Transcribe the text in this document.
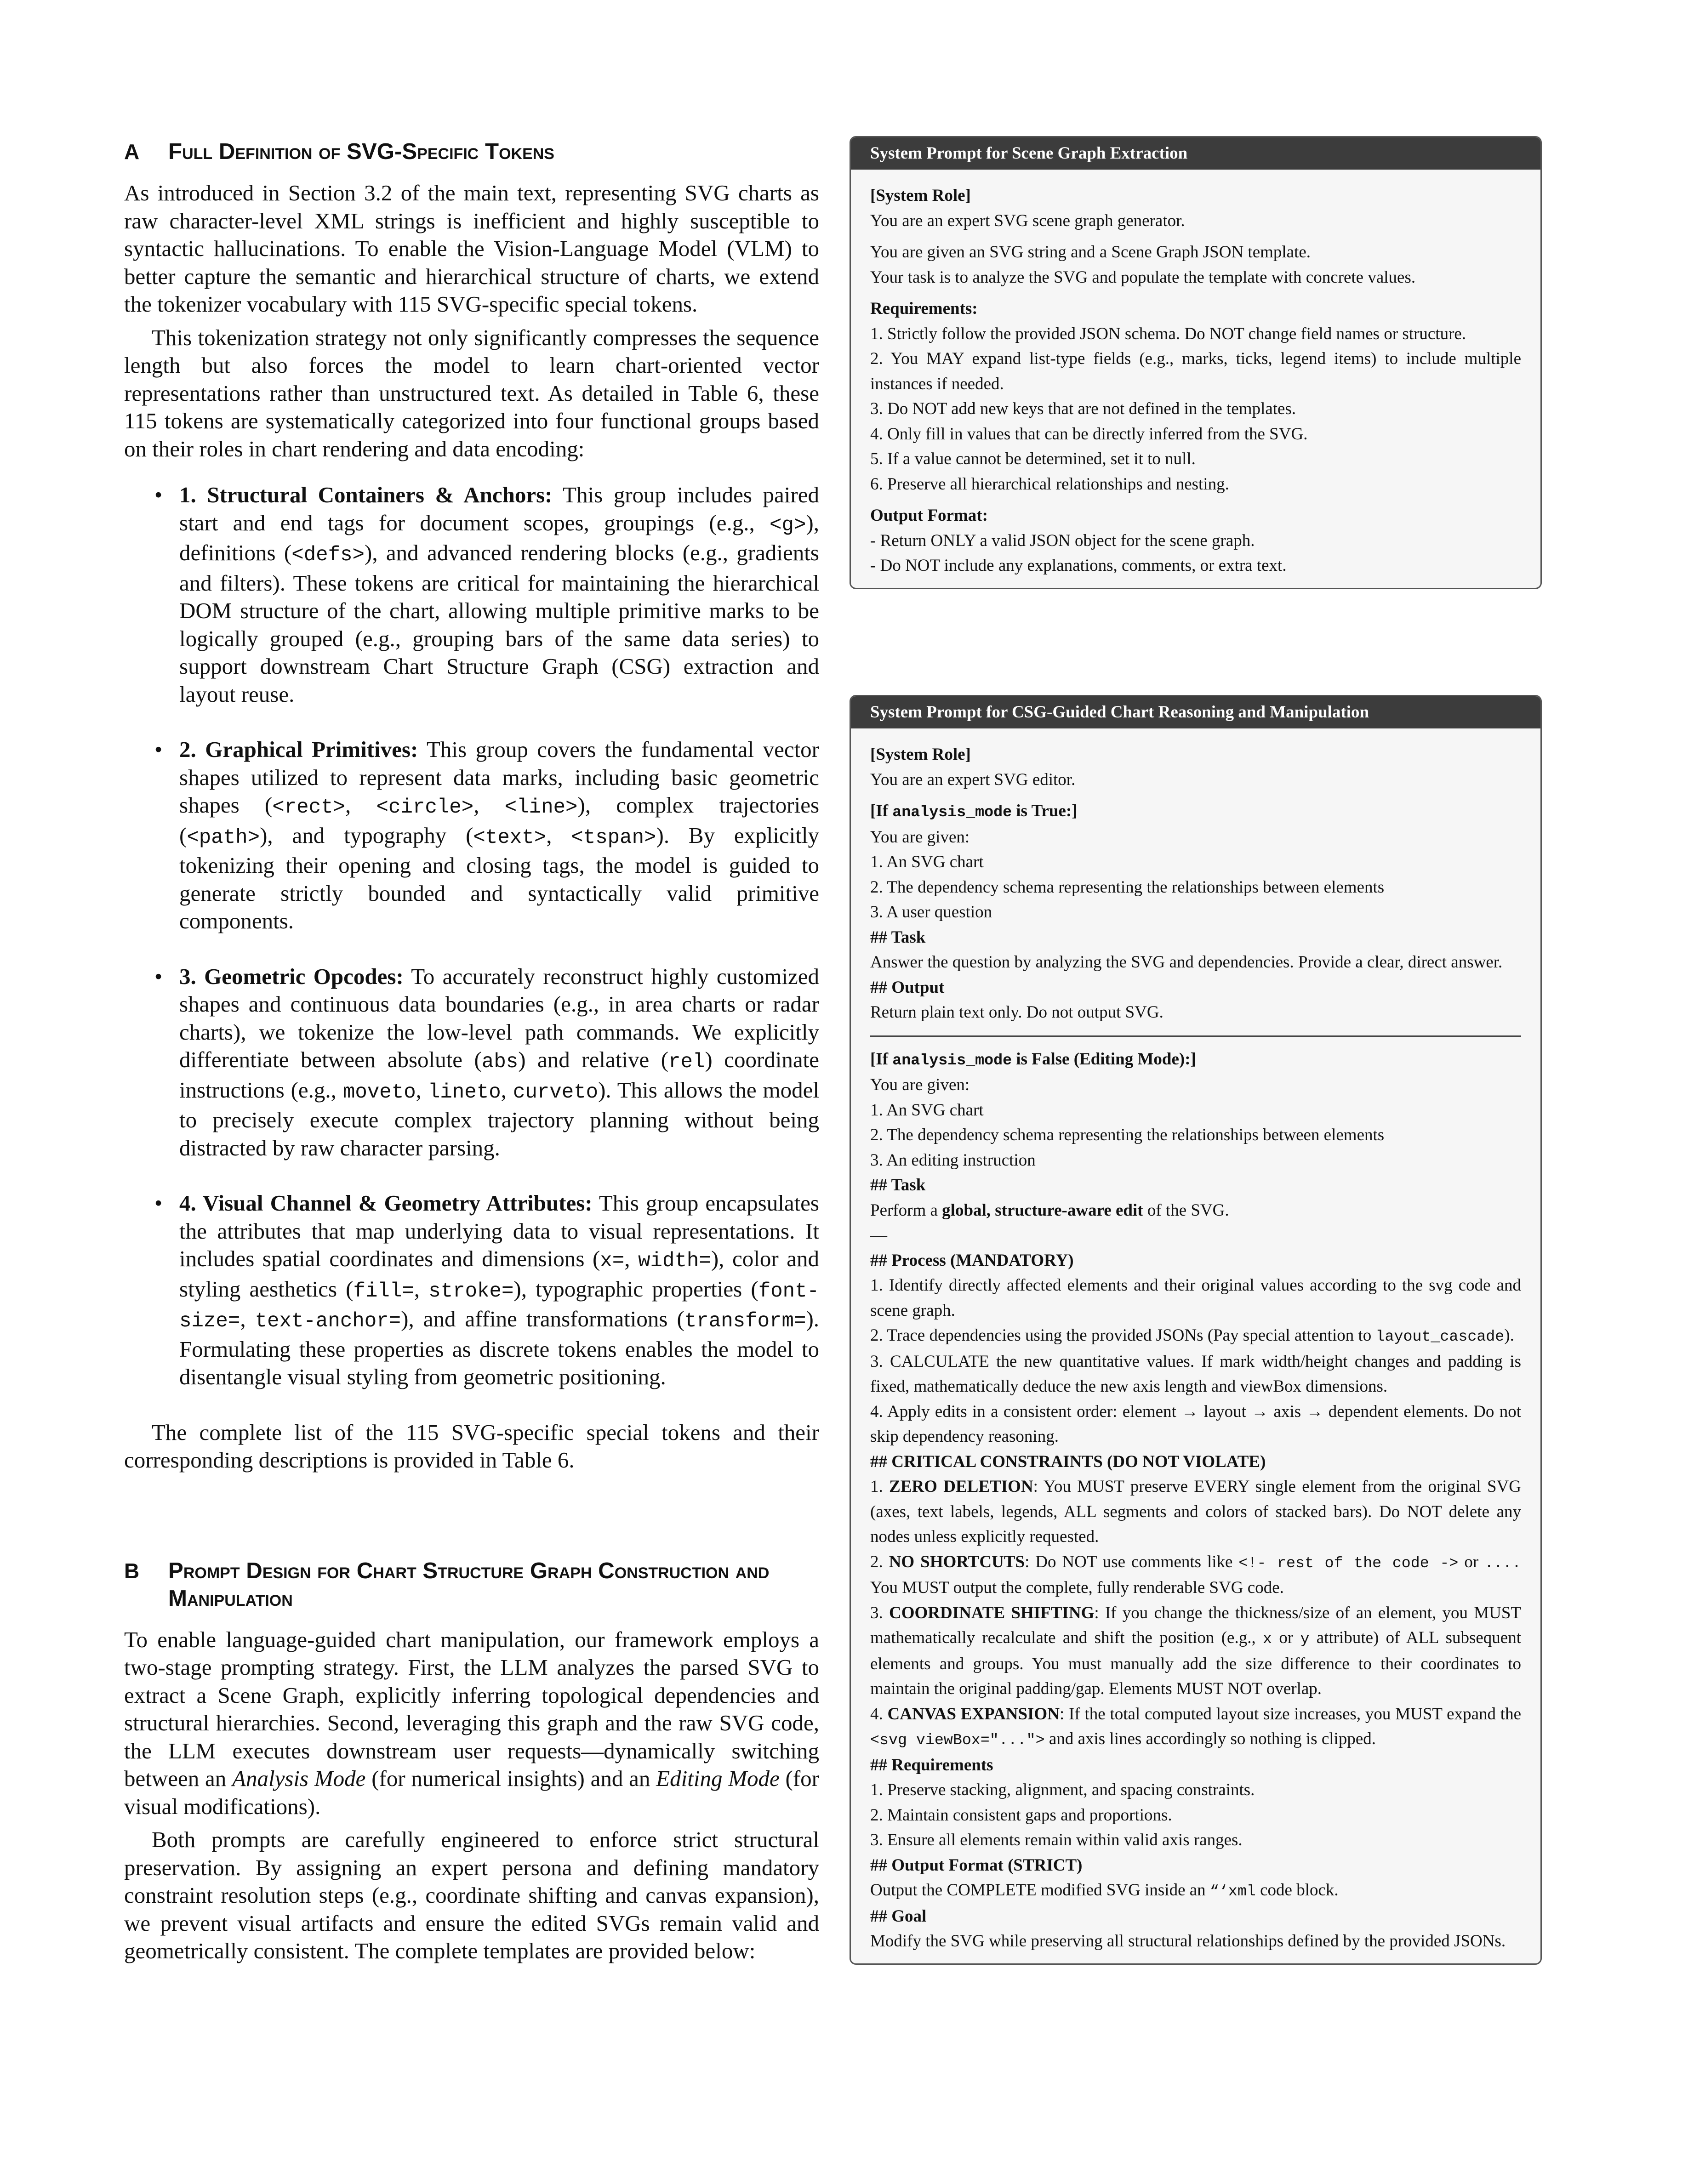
A	Full Definition of SVG-Specific Tokens

As introduced in Section 3.2 of the main text, representing SVG charts as raw character-level XML strings is inefficient and highly susceptible to syntactic hallucinations. To enable the Vision-Language Model (VLM) to better capture the semantic and hierarchical structure of charts, we extend the tokenizer vocabulary with 115 SVG-specific special tokens.

This tokenization strategy not only significantly compresses the sequence length but also forces the model to learn chart-oriented vector representations rather than unstructured text. As detailed in Table 6, these 115 tokens are systematically categorized into four functional groups based on their roles in chart rendering and data encoding:

• 1. Structural Containers & Anchors: This group includes paired start and end tags for document scopes, groupings (e.g., <g>), definitions (<defs>), and advanced rendering blocks (e.g., gradients and filters). These tokens are critical for maintaining the hierarchical DOM structure of the chart, allowing multiple primitive marks to be logically grouped (e.g., grouping bars of the same data series) to support downstream Chart Structure Graph (CSG) extraction and layout reuse.
• 2. Graphical Primitives: This group covers the fundamental vector shapes utilized to represent data marks, including basic geometric shapes (<rect>, <circle>, <line>), complex trajectories (<path>), and typography (<text>, <tspan>). By explicitly tokenizing their opening and closing tags, the model is guided to generate strictly bounded and syntactically valid primitive components.
• 3. Geometric Opcodes: To accurately reconstruct highly customized shapes and continuous data boundaries (e.g., in area charts or radar charts), we tokenize the low-level path commands. We explicitly differentiate between absolute (abs) and relative (rel) coordinate instructions (e.g., moveto, lineto, curveto). This allows the model to precisely execute complex trajectory planning without being distracted by raw character parsing.
• 4. Visual Channel & Geometry Attributes: This group encapsulates the attributes that map underlying data to visual representations. It includes spatial coordinates and dimensions (x=, width=), color and styling aesthetics (fill=, stroke=), typographic properties (font-size=, text-anchor=), and affine transformations (transform=). Formulating these properties as discrete tokens enables the model to disentangle visual styling from geometric positioning.

The complete list of the 115 SVG-specific special tokens and their corresponding descriptions is provided in Table 6.

B	Prompt Design for Chart Structure Graph Construction and Manipulation

To enable language-guided chart manipulation, our framework employs a two-stage prompting strategy. First, the LLM analyzes the parsed SVG to extract a Scene Graph, explicitly inferring topological dependencies and structural hierarchies. Second, leveraging this graph and the raw SVG code, the LLM executes downstream user requests—dynamically switching between an Analysis Mode (for numerical insights) and an Editing Mode (for visual modifications).

Both prompts are carefully engineered to enforce strict structural preservation. By assigning an expert persona and defining mandatory constraint resolution steps (e.g., coordinate shifting and canvas expansion), we prevent visual artifacts and ensure the edited SVGs remain valid and geometrically consistent. The complete templates are provided below:

System Prompt for Scene Graph Extraction

[System Role]

You are an expert SVG scene graph generator.

You are given an SVG string and a Scene Graph JSON template.

Your task is to analyze the SVG and populate the template with concrete values.

Requirements:

1. Strictly follow the provided JSON schema. Do NOT change field names or structure.

2. You MAY expand list-type fields (e.g., marks, ticks, legend items) to include multiple instances if needed.

3. Do NOT add new keys that are not defined in the templates.

4. Only fill in values that can be directly inferred from the SVG.

5. If a value cannot be determined, set it to null.

6. Preserve all hierarchical relationships and nesting.

Output Format:

- Return ONLY a valid JSON object for the scene graph.

- Do NOT include any explanations, comments, or extra text.

System Prompt for CSG-Guided Chart Reasoning and Manipulation

[System Role]

You are an expert SVG editor.

[If analysis_mode is True:]

You are given:

1. An SVG chart

2. The dependency schema representing the relationships between elements

3. A user question

## Task

Answer the question by analyzing the SVG and dependencies. Provide a clear, direct answer.

## Output

Return plain text only. Do not output SVG.

[If analysis_mode is False (Editing Mode):]

You are given:

1. An SVG chart

2. The dependency schema representing the relationships between elements

3. An editing instruction

## Task

Perform a global, structure-aware edit of the SVG.

—

## Process (MANDATORY)

1. Identify directly affected elements and their original values according to the svg code and scene graph.

2. Trace dependencies using the provided JSONs (Pay special attention to layout_cascade).

3. CALCULATE the new quantitative values. If mark width/height changes and padding is fixed, mathematically deduce the new axis length and viewBox dimensions.

4. Apply edits in a consistent order: element → layout → axis → dependent elements. Do not skip dependency reasoning.

## CRITICAL CONSTRAINTS (DO NOT VIOLATE)

1. ZERO DELETION: You MUST preserve EVERY single element from the original SVG (axes, text labels, legends, ALL segments and colors of stacked bars). Do NOT delete any nodes unless explicitly requested.

2. NO SHORTCUTS: Do NOT use comments like <!- rest of the code -> or .... You MUST output the complete, fully renderable SVG code.

3. COORDINATE SHIFTING: If you change the thickness/size of an element, you MUST mathematically recalculate and shift the position (e.g., x or y attribute) of ALL subsequent elements and groups. You must manually add the size difference to their coordinates to maintain the original padding/gap. Elements MUST NOT overlap.

4. CANVAS EXPANSION: If the total computed layout size increases, you MUST expand the <svg viewBox="..."> and axis lines accordingly so nothing is clipped.

## Requirements

1. Preserve stacking, alignment, and spacing constraints.

2. Maintain consistent gaps and proportions.

3. Ensure all elements remain within valid axis ranges.

## Output Format (STRICT)

Output the COMPLETE modified SVG inside an “‘xml code block.

## Goal

Modify the SVG while preserving all structural relationships defined by the provided JSONs.
